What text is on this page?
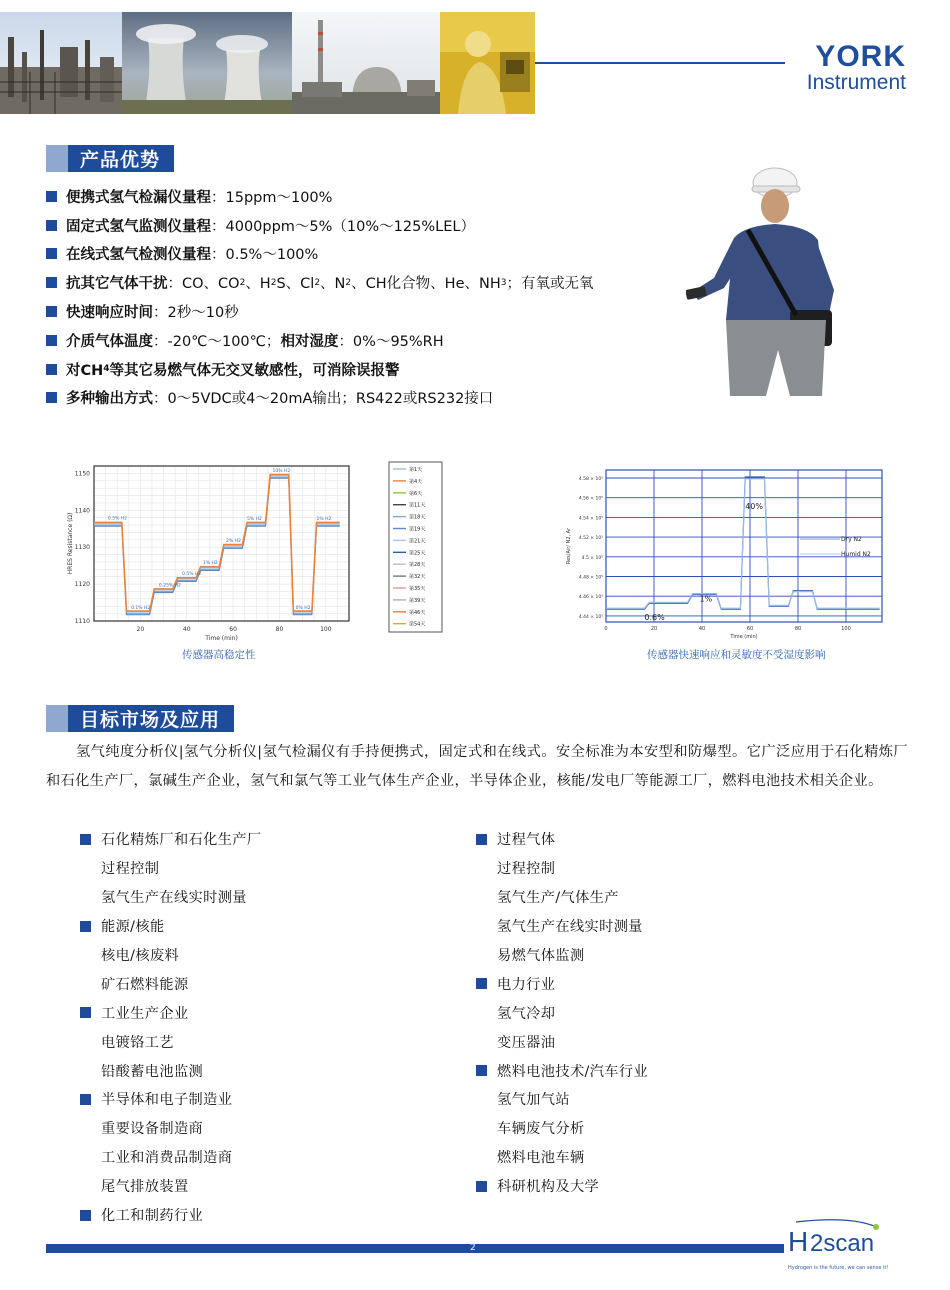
YORK
Instrument
产品优势
便携式氢气检漏仪量程 ： 15ppm～100%
固定式氢气监测仪量程 ： 4000ppm～5%（10%～125%LEL）
在线式氢气检测仪量程 ： 0.5%～100%
抗其它气体干扰 ： CO、CO 2 、H 2 S、Cl 2 、N 2 、CH化合物、He、NH 3 ；有氧或无氧
快速响应时间 ： 2秒～10秒
介质气体温度 ： -20℃～100℃； 相对湿度 ：0%～95%RH
对CH 4 等其它易燃气体无交叉敏感性，可消除误报警
多种输出方式 ： 0～5VDC或4～20mA输出；RS422或RS232接口
20	40	60	80	100
1110
1120
1130
1140
1150
Time (min)
HRES Resistance (Ω)	0.5% H2
0.1% H2
0.25% H2
0.5% H2
1% H2
2% H2
5% H2
10% H2
0% H2
1% H2
第1天
第4天
第6天
第11天
第18天
第19天
第21天
第25天
第28天
第32天
第35天
第39天
第46天
第54天
传感器高稳定性
0	20	40	60	80	100
4.58 × 10⁵
4.56 × 10⁵
4.54 × 10⁵
4.52 × 10⁵
4.5 × 10⁵
4.48 × 10⁵
4.46 × 10⁵
4.44 × 10⁵
Time (min)
Res/Air/ N2, Ar	Dry N2
Humid N2
40%
0.6%
1%
传感器快速响应和灵敏度不受湿度影响
目标市场及应用
氢气纯度分析仪|氢气分析仪|氢气检漏仪有手持便携式，固定式和在线式。安全标准为本安型和防爆型。它广泛应用于石化精炼厂和石化生产厂，氯碱生产企业，氢气和氯气等工业气体生产企业，半导体企业，核能/发电厂等能源工厂，燃料电池技术相关企业。
石化精炼厂和石化生产厂
过程控制
氢气生产在线实时测量
能源/核能
核电/核废料
矿石燃料能源
工业生产企业
电镀铬工艺
铅酸蓄电池监测
半导体和电子制造业
重要设备制造商
工业和消费品制造商
尾气排放装置
化工和制药行业
过程气体
过程控制
氢气生产/气体生产
氢气生产在线实时测量
易燃气体监测
电力行业
氢气冷却
变压器油
燃料电池技术/汽车行业
氢气加气站
车辆废气分析
燃料电池车辆
科研机构及大学
2	H 2scan
Hydrogen is the future, we can sense it!
